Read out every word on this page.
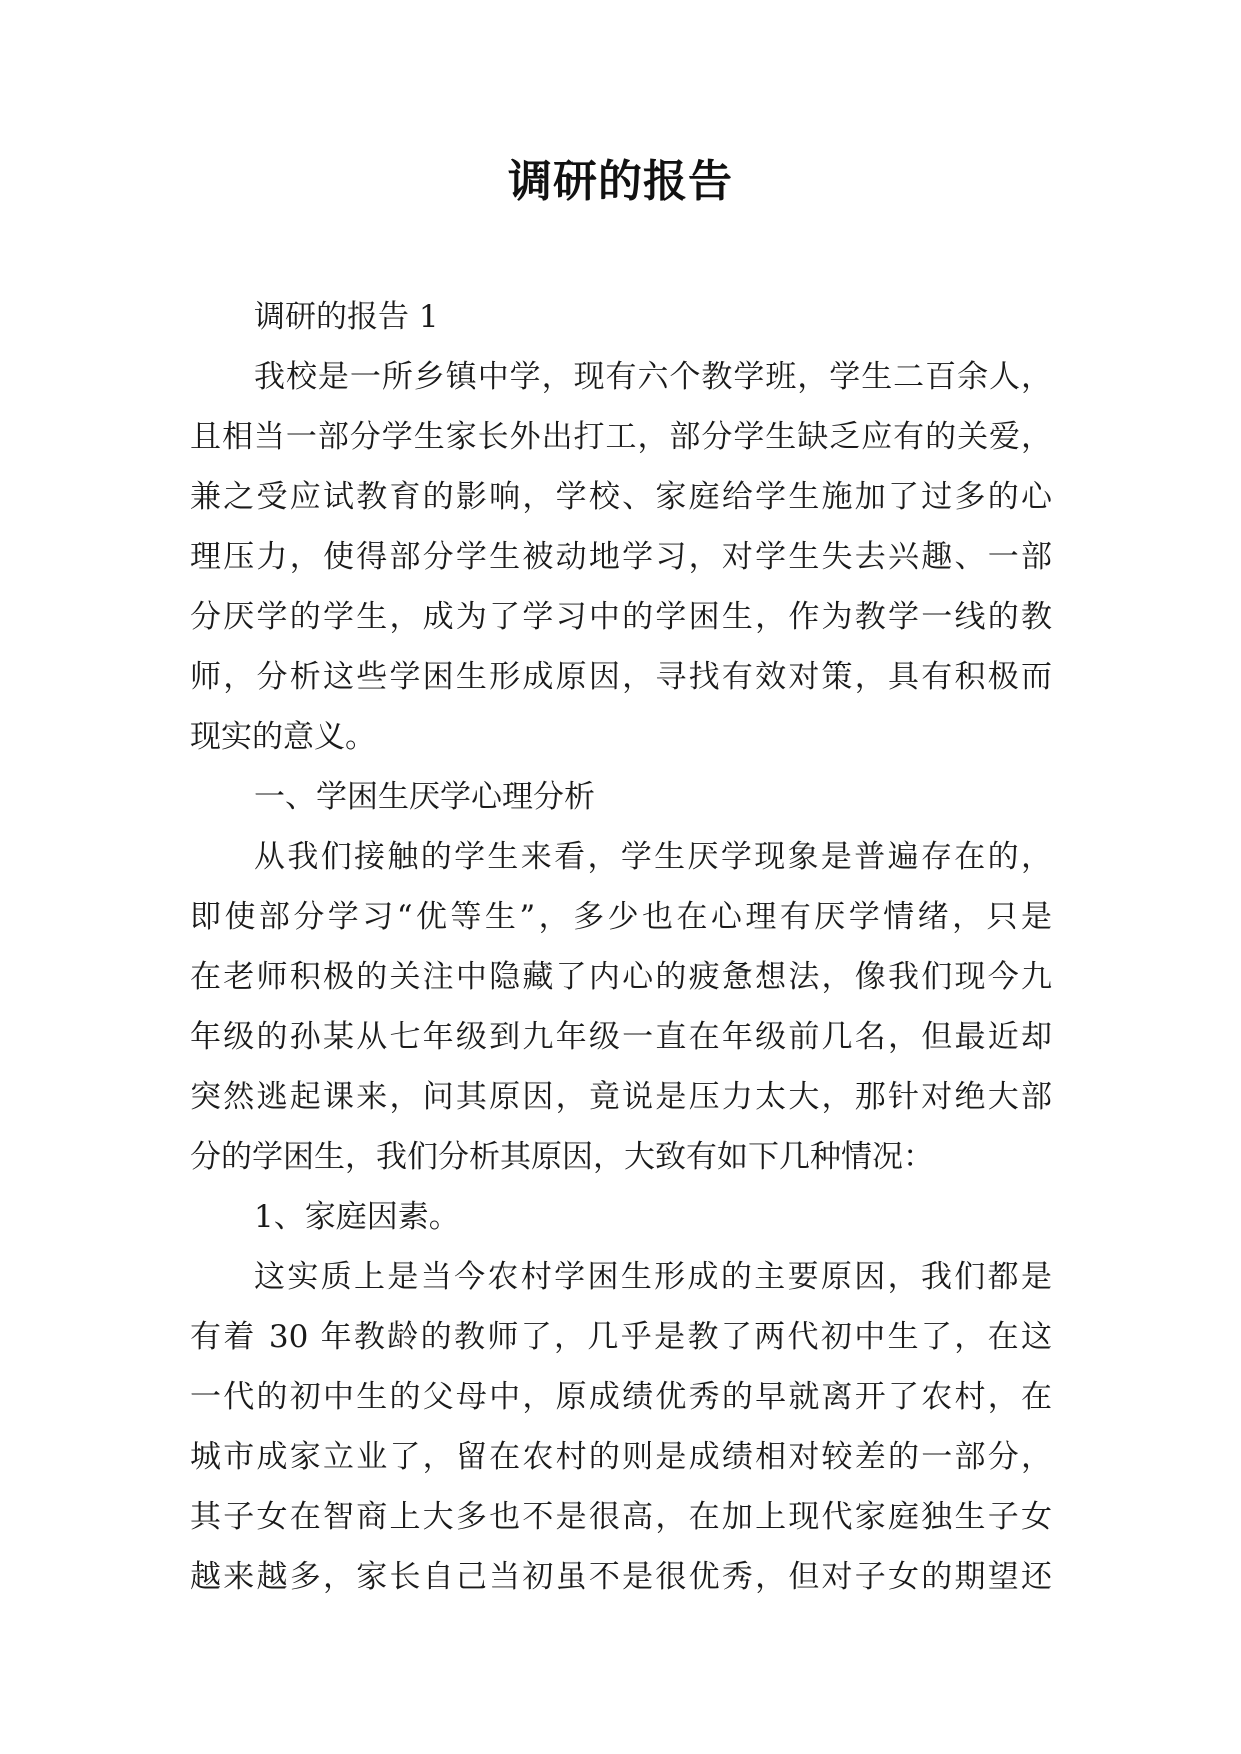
调研的报告
调研的报告 1
我校是一所乡镇中学，现有六个教学班，学生二百余人，
且相当一部分学生家长外出打工，部分学生缺乏应有的关爱，
兼之受应试教育的影响，学校、家庭给学生施加了过多的心
理压力，使得部分学生被动地学习，对学生失去兴趣、一部
分厌学的学生，成为了学习中的学困生，作为教学一线的教
师，分析这些学困生形成原因，寻找有效对策，具有积极而
现实的意义。
一、学困生厌学心理分析
从我们接触的学生来看，学生厌学现象是普遍存在的，
即使部分学习“优等生”，多少也在心理有厌学情绪，只是
在老师积极的关注中隐藏了内心的疲惫想法，像我们现今九
年级的孙某从七年级到九年级一直在年级前几名，但最近却
突然逃起课来，问其原因，竟说是压力太大，那针对绝大部
分的学困生，我们分析其原因，大致有如下几种情况：
1、家庭因素。
这实质上是当今农村学困生形成的主要原因，我们都是
有着 30 年教龄的教师了，几乎是教了两代初中生了，在这
一代的初中生的父母中，原成绩优秀的早就离开了农村，在
城市成家立业了，留在农村的则是成绩相对较差的一部分，
其子女在智商上大多也不是很高，在加上现代家庭独生子女
越来越多，家长自己当初虽不是很优秀，但对子女的期望还
